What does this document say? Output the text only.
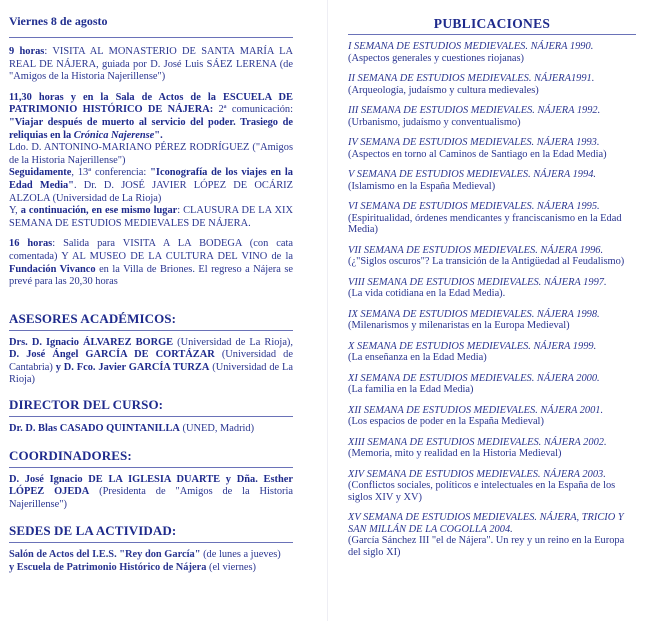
Viernes 8 de agosto

9 horas: VISITA AL MONASTERIO DE SANTA MARÍA LA REAL DE NÁJERA, guiada por D. José Luis SÁEZ LERENA (de "Amigos de la Historia Najerillense")

11,30 horas y en la Sala de Actos de la ESCUELA DE PATRIMONIO HISTÓRICO DE NÁJERA: 2ª comunicación: "Viajar después de muerto al servicio del poder. Trasiego de reliquias en la Crónica Najerense".

Ldo. D. ANTONINO-MARIANO PÉREZ RODRÍGUEZ ("Amigos de la Historia Najerillense")

Seguidamente, 13ª conferencia: "Iconografía de los viajes en la Edad Media". Dr. D. JOSÉ JAVIER LÓPEZ DE OCÁRIZ ALZOLA (Universidad de La Rioja)

Y, a continuación, en ese mismo lugar: CLAUSURA DE LA XIX SEMANA DE ESTUDIOS MEDIEVALES DE NÁJERA.

16 horas: Salida para VISITA A LA BODEGA (con cata comentada) Y AL MUSEO DE LA CULTURA DEL VINO de la Fundación Vivanco en la Villa de Briones. El regreso a Nájera se prevé para las 20,30 horas

ASESORES ACADÉMICOS:

Drs. D. Ignacio ÁLVAREZ BORGE (Universidad de La Rioja), D. José Ángel GARCÍA DE CORTÁZAR (Universidad de Cantabria) y D. Fco. Javier GARCÍA TURZA (Universidad de La Rioja)

DIRECTOR DEL CURSO:

Dr. D. Blas CASADO QUINTANILLA (UNED, Madrid)

COORDINADORES:

D. José Ignacio DE LA IGLESIA DUARTE y Dña. Esther LÓPEZ OJEDA (Presidenta de "Amigos de la Historia Najerillense")

SEDES DE LA ACTIVIDAD:

Salón de Actos del I.E.S. "Rey don García" (de lunes a jueves)

y Escuela de Patrimonio Histórico de Nájera (el viernes)

PUBLICACIONES
I SEMANA DE ESTUDIOS MEDIEVALES. NÁJERA 1990.
(Aspectos generales y cuestiones riojanas)
II SEMANA DE ESTUDIOS MEDIEVALES. NÁJERA1991.
(Arqueología, judaísmo y cultura medievales)
III SEMANA DE ESTUDIOS MEDIEVALES. NÁJERA 1992.
(Urbanismo, judaísmo y conventualismo)
IV SEMANA DE ESTUDIOS MEDIEVALES. NÁJERA 1993.
(Aspectos en torno al Caminos de Santiago en la Edad Media)
V SEMANA DE ESTUDIOS MEDIEVALES. NÁJERA 1994.
(Islamismo en la España Medieval)
VI SEMANA DE ESTUDIOS MEDIEVALES. NÁJERA 1995.
(Espiritualidad, órdenes mendicantes y franciscanismo en la Edad Media)
VII SEMANA DE ESTUDIOS MEDIEVALES. NÁJERA 1996.
(¿"Siglos oscuros"? La transición de la Antigüedad al Feudalismo)
VIII SEMANA DE ESTUDIOS MEDIEVALES. NÁJERA 1997.
(La vida cotidiana en la Edad Media).
IX SEMANA DE ESTUDIOS MEDIEVALES. NÁJERA 1998.
(Milenarismos y milenaristas en la Europa Medieval)
X SEMANA DE ESTUDIOS MEDIEVALES. NÁJERA 1999.
(La enseñanza en la Edad Media)
XI SEMANA DE ESTUDIOS MEDIEVALES. NÁJERA 2000.
(La familia en la Edad Media)
XII SEMANA DE ESTUDIOS MEDIEVALES. NÁJERA 2001.
(Los espacios de poder en la España Medieval)
XIII SEMANA DE ESTUDIOS MEDIEVALES. NÁJERA 2002.
(Memoria, mito y realidad en la Historia Medieval)
XIV SEMANA DE ESTUDIOS MEDIEVALES. NÁJERA 2003.
(Conflictos sociales, políticos e intelectuales en la España de los siglos XIV y XV)
XV SEMANA DE ESTUDIOS MEDIEVALES. NÁJERA, TRICIO Y SAN MILLÁN DE LA COGOLLA 2004.
(García Sánchez III "el de Nájera". Un rey y un reino en la Europa del siglo XI)
